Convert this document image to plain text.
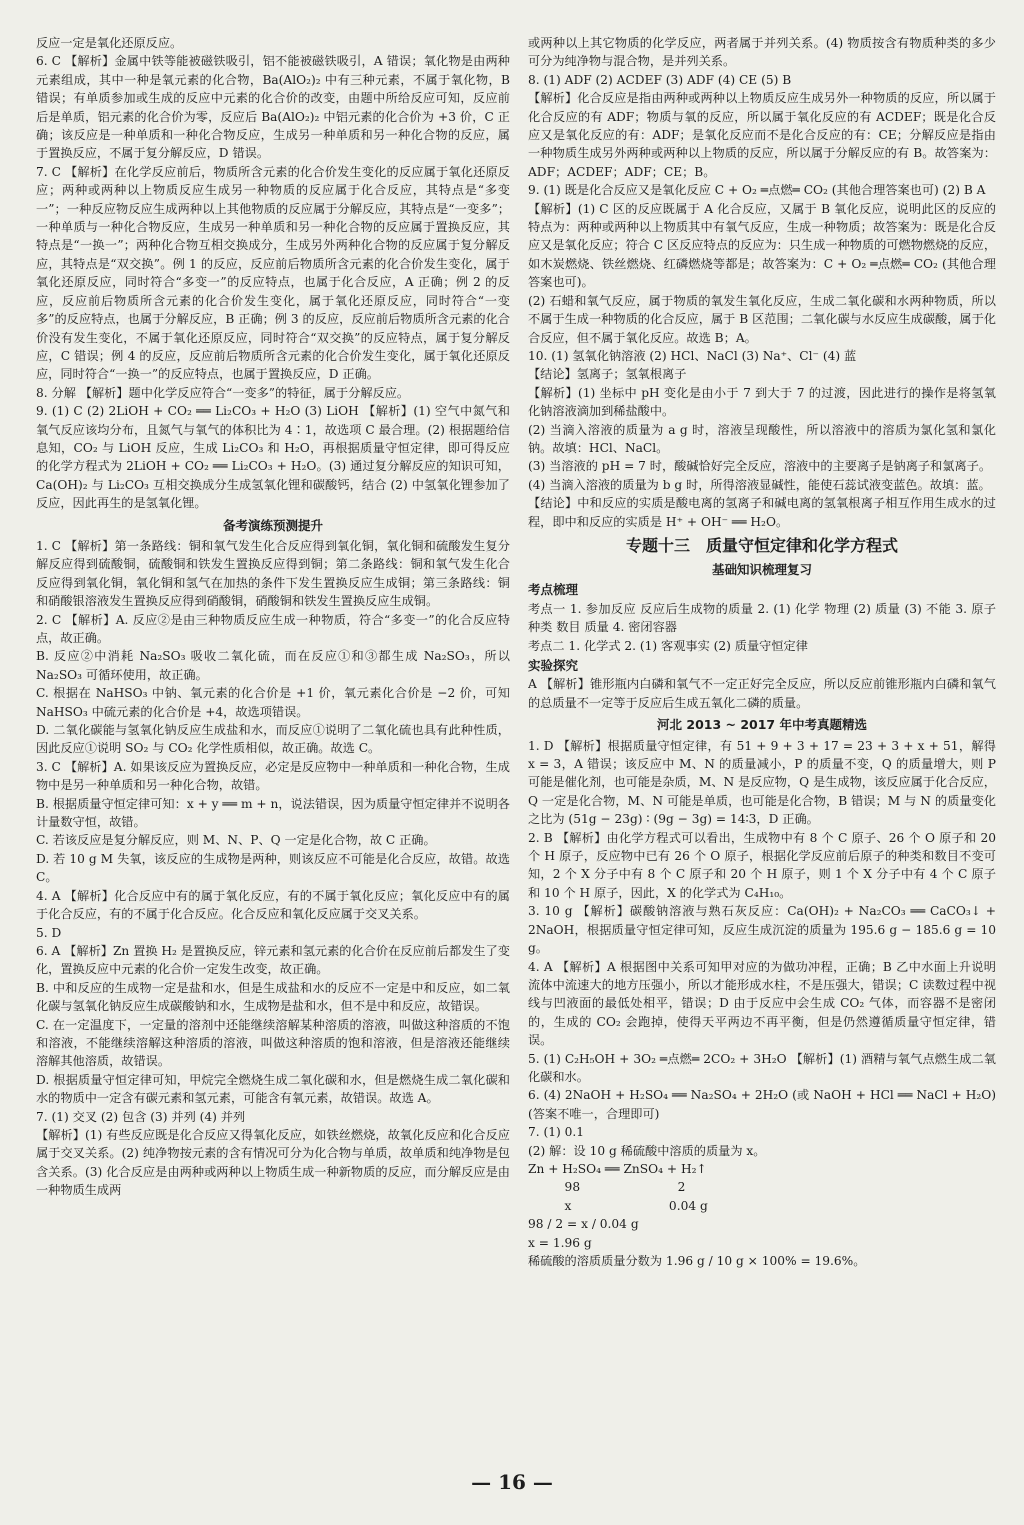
反应一定是氧化还原反应。

6. C 【解析】金属中铁等能被磁铁吸引，铝不能被磁铁吸引，A 错误；氧化物是由两种元素组成，其中一种是氧元素的化合物，Ba(AlO₂)₂ 中有三种元素，不属于氧化物，B 错误；有单质参加或生成的反应中元素的化合价的改变，由题中所给反应可知，反应前后是单质，铝元素的化合价为零，反应后 Ba(AlO₂)₂ 中铝元素的化合价为 +3 价，C 正确；该反应是一种单质和一种化合物反应，生成另一种单质和另一种化合物的反应，属于置换反应，不属于复分解反应，D 错误。

7. C 【解析】在化学反应前后，物质所含元素的化合价发生变化的反应属于氧化还原反应；两种或两种以上物质反应生成另一种物质的反应属于化合反应，其特点是“多变一”；一种反应物反应生成两种以上其他物质的反应属于分解反应，其特点是“一变多”；一种单质与一种化合物反应，生成另一种单质和另一种化合物的反应属于置换反应，其特点是“一换一”；两种化合物互相交换成分，生成另外两种化合物的反应属于复分解反应，其特点是“双交换”。例 1 的反应，反应前后物质所含元素的化合价发生变化，属于氧化还原反应，同时符合“多变一”的反应特点，也属于化合反应，A 正确；例 2 的反应，反应前后物质所含元素的化合价发生变化，属于氧化还原反应，同时符合“一变多”的反应特点，也属于分解反应，B 正确；例 3 的反应，反应前后物质所含元素的化合价没有发生变化，不属于氧化还原反应，同时符合“双交换”的反应特点，属于复分解反应，C 错误；例 4 的反应，反应前后物质所含元素的化合价发生变化，属于氧化还原反应，同时符合“一换一”的反应特点，也属于置换反应，D 正确。

8. 分解 【解析】题中化学反应符合“一变多”的特征，属于分解反应。

9. (1) C (2) 2LiOH + CO₂ ══ Li₂CO₃ + H₂O (3) LiOH 【解析】(1) 空气中氮气和氧气反应该均分布，且氮气与氧气的体积比为 4∶1，故选项 C 最合理。(2) 根据题给信息知，CO₂ 与 LiOH 反应，生成 Li₂CO₃ 和 H₂O，再根据质量守恒定律，即可得反应的化学方程式为 2LiOH + CO₂ ══ Li₂CO₃ + H₂O。(3) 通过复分解反应的知识可知，Ca(OH)₂ 与 Li₂CO₃ 互相交换成分生成氢氧化锂和碳酸钙，结合 (2) 中氢氧化锂参加了反应，因此再生的是氢氧化锂。

备考演练预测提升

1. C 【解析】第一条路线：铜和氧气发生化合反应得到氧化铜，氧化铜和硫酸发生复分解反应得到硫酸铜，硫酸铜和铁发生置换反应得到铜；第二条路线：铜和氧气发生化合反应得到氧化铜，氧化铜和氢气在加热的条件下发生置换反应生成铜；第三条路线：铜和硝酸银溶液发生置换反应得到硝酸铜，硝酸铜和铁发生置换反应生成铜。

2. C 【解析】A. 反应②是由三种物质反应生成一种物质，符合“多变一”的化合反应特点，故正确。

B. 反应②中消耗 Na₂SO₃ 吸收二氧化硫，而在反应①和③都生成 Na₂SO₃，所以 Na₂SO₃ 可循环使用，故正确。

C. 根据在 NaHSO₃ 中钠、氧元素的化合价是 +1 价，氧元素化合价是 −2 价，可知 NaHSO₃ 中硫元素的化合价是 +4，故选项错误。

D. 二氧化碳能与氢氧化钠反应生成盐和水，而反应①说明了二氧化硫也具有此种性质，因此反应①说明 SO₂ 与 CO₂ 化学性质相似，故正确。故选 C。

3. C 【解析】A. 如果该反应为置换反应，必定是反应物中一种单质和一种化合物，生成物中是另一种单质和另一种化合物，故错。

B. 根据质量守恒定律可知：x + y ══ m + n，说法错误，因为质量守恒定律并不说明各计量数守恒，故错。

C. 若该反应是复分解反应，则 M、N、P、Q 一定是化合物，故 C 正确。

D. 若 10 g M 失氧，该反应的生成物是两种，则该反应不可能是化合反应，故错。故选 C。

4. A 【解析】化合反应中有的属于氧化反应，有的不属于氧化反应；氧化反应中有的属于化合反应，有的不属于化合反应。化合反应和氧化反应属于交叉关系。

5. D

6. A 【解析】Zn 置换 H₂ 是置换反应，锌元素和氢元素的化合价在反应前后都发生了变化，置换反应中元素的化合价一定发生改变，故正确。

B. 中和反应的生成物一定是盐和水，但是生成盐和水的反应不一定是中和反应，如二氧化碳与氢氧化钠反应生成碳酸钠和水，生成物是盐和水，但不是中和反应，故错误。

C. 在一定温度下，一定量的溶剂中还能继续溶解某种溶质的溶液，叫做这种溶质的不饱和溶液，不能继续溶解这种溶质的溶液，叫做这种溶质的饱和溶液，但是溶液还能继续溶解其他溶质，故错误。

D. 根据质量守恒定律可知，甲烷完全燃烧生成二氧化碳和水，但是燃烧生成二氧化碳和水的物质中一定含有碳元素和氢元素，可能含有氧元素，故错误。故选 A。

7. (1) 交叉 (2) 包含 (3) 并列 (4) 并列

【解析】(1) 有些反应既是化合反应又得氧化反应，如铁丝燃烧，故氧化反应和化合反应属于交叉关系。(2) 纯净物按元素的含有情况可分为化合物与单质，故单质和纯净物是包含关系。(3) 化合反应是由两种或两种以上物质生成一种新物质的反应，而分解反应是由一种物质生成两

或两种以上其它物质的化学反应，两者属于并列关系。(4) 物质按含有物质种类的多少可分为纯净物与混合物，是并列关系。

8. (1) ADF (2) ACDEF (3) ADF (4) CE (5) B

【解析】化合反应是指由两种或两种以上物质反应生成另外一种物质的反应，所以属于化合反应的有 ADF；物质与氧的反应，所以属于氧化反应的有 ACDEF；既是化合反应又是氧化反应的有：ADF；是氧化反应而不是化合反应的有：CE；分解反应是指由一种物质生成另外两种或两种以上物质的反应，所以属于分解反应的有 B。故答案为：ADF；ACDEF；ADF；CE；B。

9. (1) 既是化合反应又是氧化反应 C + O₂ ═点燃═ CO₂ (其他合理答案也可) (2) B A

【解析】(1) C 区的反应既属于 A 化合反应，又属于 B 氧化反应，说明此区的反应的特点为：两种或两种以上物质其中有氧气反应，生成一种物质；故答案为：既是化合反应又是氧化反应；符合 C 区反应特点的反应为：只生成一种物质的可燃物燃烧的反应，如木炭燃烧、铁丝燃烧、红磷燃烧等都是；故答案为：C + O₂ ═点燃═ CO₂ (其他合理答案也可)。

(2) 石蜡和氧气反应，属于物质的氧发生氧化反应，生成二氧化碳和水两种物质，所以不属于生成一种物质的化合反应，属于 B 区范围；二氧化碳与水反应生成碳酸，属于化合反应，但不属于氧化反应。故选 B；A。

10. (1) 氢氧化钠溶液 (2) HCl、NaCl (3) Na⁺、Cl⁻ (4) 蓝

【结论】氢离子；氢氧根离子

【解析】(1) 坐标中 pH 变化是由小于 7 到大于 7 的过渡，因此进行的操作是将氢氧化钠溶液滴加到稀盐酸中。

(2) 当滴入溶液的质量为 a g 时，溶液呈现酸性，所以溶液中的溶质为氯化氢和氯化钠。故填：HCl、NaCl。

(3) 当溶液的 pH = 7 时，酸碱恰好完全反应，溶液中的主要离子是钠离子和氯离子。

(4) 当滴入溶液的质量为 b g 时，所得溶液显碱性，能使石蕊试液变蓝色。故填：蓝。

【结论】中和反应的实质是酸电离的氢离子和碱电离的氢氧根离子相互作用生成水的过程，即中和反应的实质是 H⁺ + OH⁻ ══ H₂O。

专题十三　质量守恒定律和化学方程式

基础知识梳理复习

考点梳理

考点一 1. 参加反应 反应后生成物的质量 2. (1) 化学 物理 (2) 质量 (3) 不能 3. 原子 种类 数目 质量 4. 密闭容器

考点二 1. 化学式 2. (1) 客观事实 (2) 质量守恒定律

实验探究

A 【解析】锥形瓶内白磷和氧气不一定正好完全反应，所以反应前锥形瓶内白磷和氧气的总质量不一定等于反应后生成五氧化二磷的质量。

河北 2013 ~ 2017 年中考真题精选

1. D 【解析】根据质量守恒定律，有 51 + 9 + 3 + 17 = 23 + 3 + x + 51，解得 x = 3，A 错误；该反应中 M、N 的质量减小，P 的质量不变，Q 的质量增大，则 P 可能是催化剂，也可能是杂质，M、N 是反应物，Q 是生成物，该反应属于化合反应，Q 一定是化合物，M、N 可能是单质，也可能是化合物，B 错误；M 与 N 的质量变化之比为 (51g − 23g) ∶ (9g − 3g) = 14∶3，D 正确。

2. B 【解析】由化学方程式可以看出，生成物中有 8 个 C 原子、26 个 O 原子和 20 个 H 原子，反应物中已有 26 个 O 原子，根据化学反应前后原子的种类和数目不变可知，2 个 X 分子中有 8 个 C 原子和 20 个 H 原子，则 1 个 X 分子中有 4 个 C 原子和 10 个 H 原子，因此，X 的化学式为 C₄H₁₀。

3. 10 g 【解析】碳酸钠溶液与熟石灰反应：Ca(OH)₂ + Na₂CO₃ ══ CaCO₃↓ + 2NaOH，根据质量守恒定律可知，反应生成沉淀的质量为 195.6 g − 185.6 g = 10 g。

4. A 【解析】A 根据图中关系可知甲对应的为做功冲程，正确；B 乙中水面上升说明流体中流速大的地方压强小，所以才能形成水柱，不是压强大，错误；C 读数过程中视线与凹液面的最低处相平，错误；D 由于反应中会生成 CO₂ 气体，而容器不是密闭的，生成的 CO₂ 会跑掉，使得天平两边不再平衡，但是仍然遵循质量守恒定律，错误。

5. (1) C₂H₅OH + 3O₂ ═点燃═ 2CO₂ + 3H₂O 【解析】(1) 酒精与氧气点燃生成二氧化碳和水。

6. (4) 2NaOH + H₂SO₄ ══ Na₂SO₄ + 2H₂O (或 NaOH + HCl ══ NaCl + H₂O) (答案不唯一，合理即可)

7. (1) 0.1

(2) 解：设 10 g 稀硫酸中溶质的质量为 x。

Zn + H₂SO₄ ══ ZnSO₄ + H₂↑

　　　98　　　　　　　　2

　　　x　　　　　　　　0.04 g

98 / 2 = x / 0.04 g

x = 1.96 g

稀硫酸的溶质质量分数为 1.96 g / 10 g × 100% = 19.6%。

— 16 —
